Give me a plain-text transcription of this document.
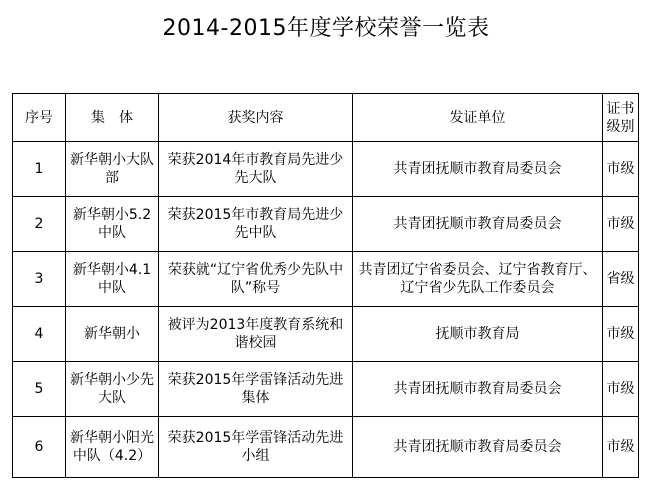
2014-2015年度学校荣誉一览表
序号	集　体	获奖内容	发证单位	证书级别
1	新华朝小大队部	荣获2014年市教育局先进少先大队	共青团抚顺市教育局委员会	市级
2	新华朝小5.2中队	荣获2015年市教育局先进少先中队	共青团抚顺市教育局委员会	市级
3	新华朝小4.1中队	荣获就“辽宁省优秀少先队中队”称号	共青团辽宁省委员会、辽宁省教育厅、辽宁省少先队工作委员会	省级
4	新华朝小	被评为2013年度教育系统和谐校园	抚顺市教育局	市级
5	新华朝小少先大队	荣获2015年学雷锋活动先进集体	共青团抚顺市教育局委员会	市级
6	新华朝小阳光中队（4.2）	荣获2015年学雷锋活动先进小组	共青团抚顺市教育局委员会	市级
